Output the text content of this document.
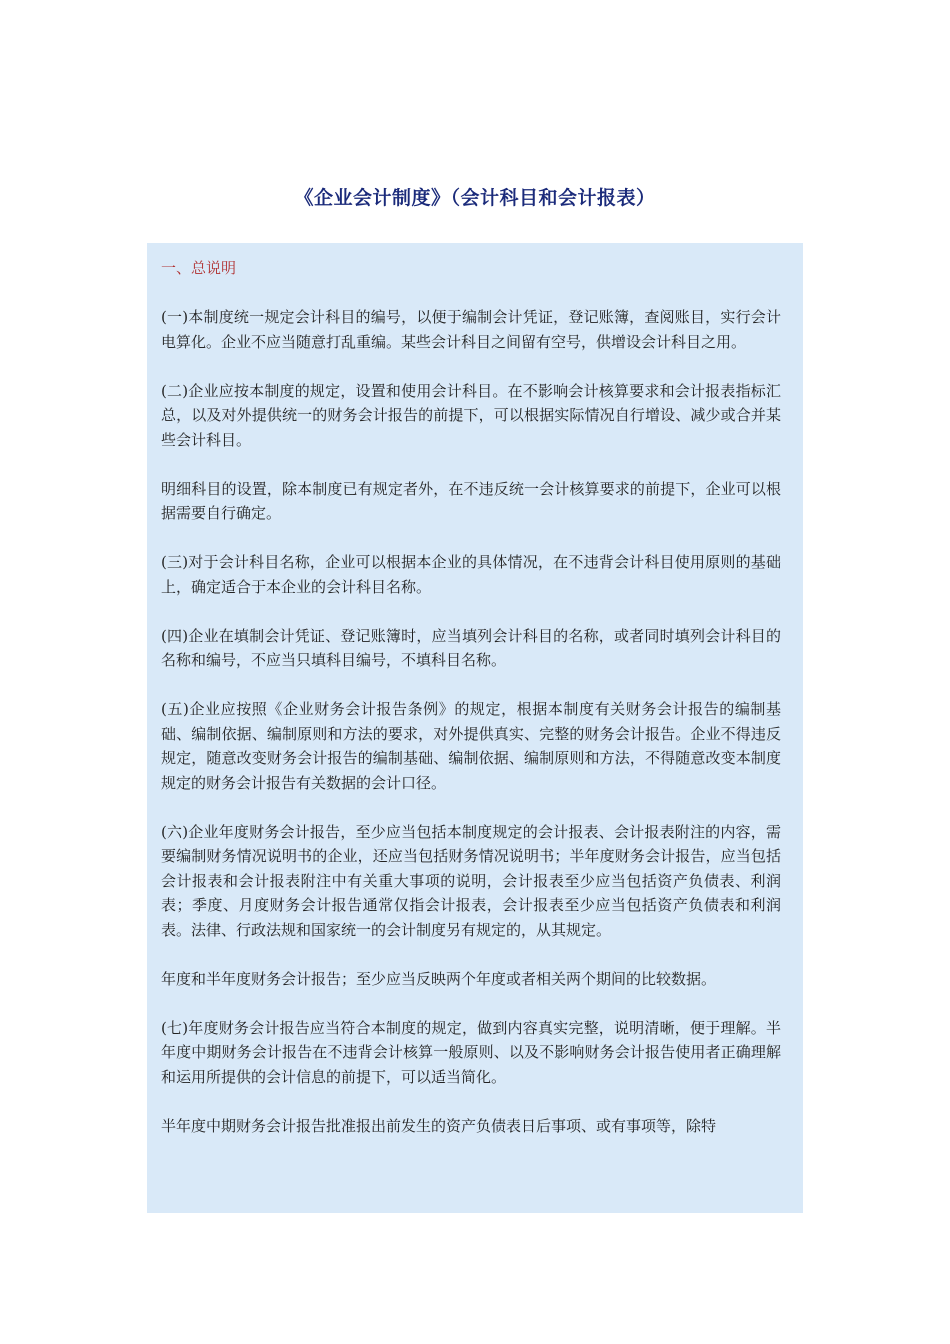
《企业会计制度》（会计科目和会计报表）

一、总说明

(一)本制度统一规定会计科目的编号，以便于编制会计凭证，登记账簿，查阅账目，实行会计电算化。企业不应当随意打乱重编。某些会计科目之间留有空号，供增设会计科目之用。

(二)企业应按本制度的规定，设置和使用会计科目。在不影响会计核算要求和会计报表指标汇总，以及对外提供统一的财务会计报告的前提下，可以根据实际情况自行增设、减少或合并某些会计科目。

明细科目的设置，除本制度已有规定者外，在不违反统一会计核算要求的前提下，企业可以根据需要自行确定。

(三)对于会计科目名称，企业可以根据本企业的具体情况，在不违背会计科目使用原则的基础上，确定适合于本企业的会计科目名称。

(四)企业在填制会计凭证、登记账簿时，应当填列会计科目的名称，或者同时填列会计科目的名称和编号，不应当只填科目编号，不填科目名称。

(五)企业应按照《企业财务会计报告条例》的规定，根据本制度有关财务会计报告的编制基础、编制依据、编制原则和方法的要求，对外提供真实、完整的财务会计报告。企业不得违反规定，随意改变财务会计报告的编制基础、编制依据、编制原则和方法，不得随意改变本制度规定的财务会计报告有关数据的会计口径。

(六)企业年度财务会计报告，至少应当包括本制度规定的会计报表、会计报表附注的内容，需要编制财务情况说明书的企业，还应当包括财务情况说明书；半年度财务会计报告，应当包括会计报表和会计报表附注中有关重大事项的说明，会计报表至少应当包括资产负债表、利润表；季度、月度财务会计报告通常仅指会计报表，会计报表至少应当包括资产负债表和利润表。法律、行政法规和国家统一的会计制度另有规定的，从其规定。

年度和半年度财务会计报告；至少应当反映两个年度或者相关两个期间的比较数据。

(七)年度财务会计报告应当符合本制度的规定，做到内容真实完整，说明清晰，便于理解。半年度中期财务会计报告在不违背会计核算一般原则、以及不影响财务会计报告使用者正确理解和运用所提供的会计信息的前提下，可以适当简化。

半年度中期财务会计报告批准报出前发生的资产负债表日后事项、或有事项等，除特
